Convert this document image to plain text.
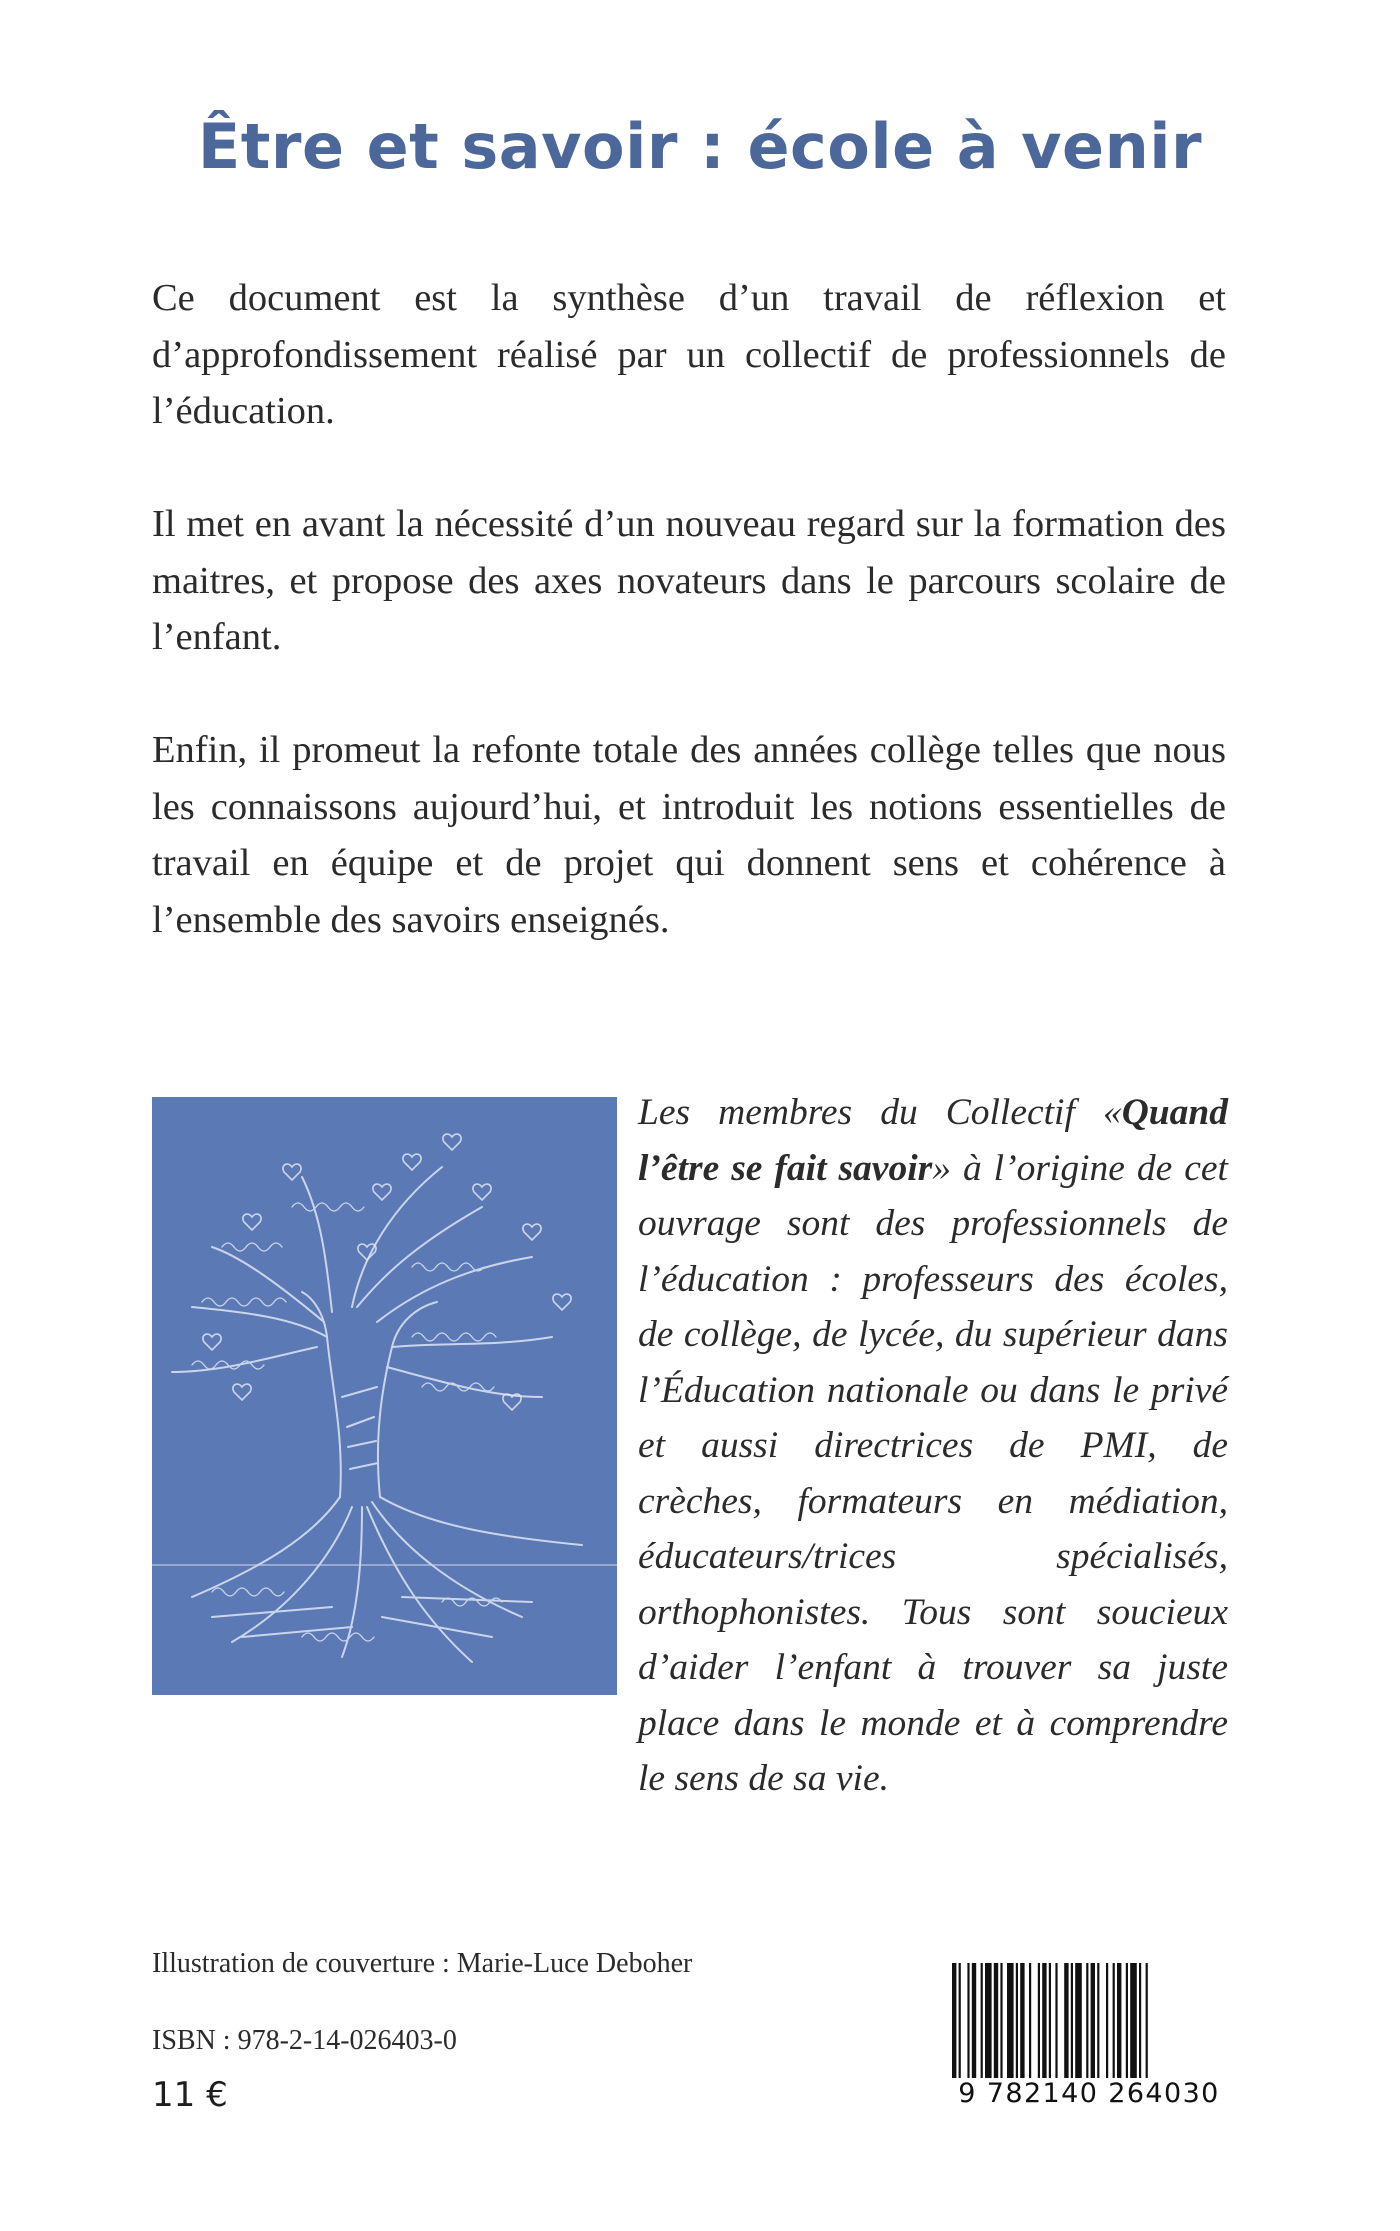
Être et savoir : école à venir

Ce document est la synthèse d’un travail de réflexion et d’approfondissement réalisé par un collectif de professionnels de l’éducation.

Il met en avant la nécessité d’un nouveau regard sur la formation des maitres, et propose des axes novateurs dans le parcours scolaire de l’enfant.

Enfin, il promeut la refonte totale des années collège telles que nous les connaissons aujourd’hui, et introduit les notions essentielles de travail en équipe et de projet qui donnent sens et cohérence à l’ensemble des savoirs enseignés.

Les membres du Collectif «Quand l’être se fait savoir» à l’origine de cet ouvrage sont des professionnels de l’éducation : professeurs des écoles, de collège, de lycée, du supérieur dans l’Éducation nationale ou dans le privé et aussi directrices de PMI, de crèches, formateurs en médiation, éducateurs/trices spécialisés, orthophonistes. Tous sont soucieux d’aider l’enfant à trouver sa juste place dans le monde et à comprendre le sens de sa vie.
Illustration de couverture : Marie-Luce Deboher
ISBN : 978-2-14-026403-0
11 €	9 782140 264030
